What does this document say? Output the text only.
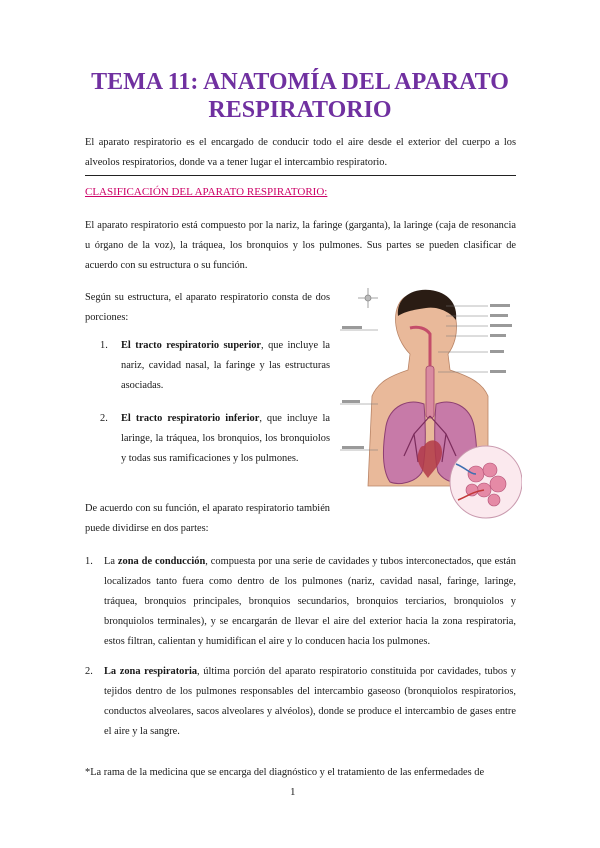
TEMA 11: ANATOMÍA DEL APARATO RESPIRATORIO

El aparato respiratorio es el encargado de conducir todo el aire desde el exterior del cuerpo a los alveolos respiratorios, donde va a tener lugar el intercambio respiratorio.

CLASIFICACIÓN DEL APARATO RESPIRATORIO:

El aparato respiratorio está compuesto por la nariz, la faringe (garganta), la laringe (caja de resonancia u órgano de la voz), la tráquea, los bronquios y los pulmones. Sus partes se pueden clasificar de acuerdo con su estructura o su función.

Según su estructura, el aparato respiratorio consta de dos porciones:

1. El tracto respiratorio superior, que incluye la nariz, cavidad nasal, la faringe y las estructuras asociadas.
2. El tracto respiratorio inferior, que incluye la laringe, la tráquea, los bronquios, los bronquiolos y todas sus ramificaciones y los pulmones.

De acuerdo con su función, el aparato respiratorio también puede dividirse en dos partes:

1. La zona de conducción, compuesta por una serie de cavidades y tubos interconectados, que están localizados tanto fuera como dentro de los pulmones (nariz, cavidad nasal, faringe, laringe, tráquea, bronquios principales, bronquios secundarios, bronquios terciarios, bronquiolos y bronquiolos terminales), y se encargarán de llevar el aire del exterior hacia la zona respiratoria, estos filtran, calientan y humidifican el aire y lo conducen hacia los pulmones.
2. La zona respiratoria, última porción del aparato respiratorio constituida por cavidades, tubos y tejidos dentro de los pulmones responsables del intercambio gaseoso (bronquiolos respiratorios, conductos alveolares, sacos alveolares y alvéolos), donde se produce el intercambio de gases entre el aire y la sangre.

*La rama de la medicina que se encarga del diagnóstico y el tratamiento de las enfermedades de

1
